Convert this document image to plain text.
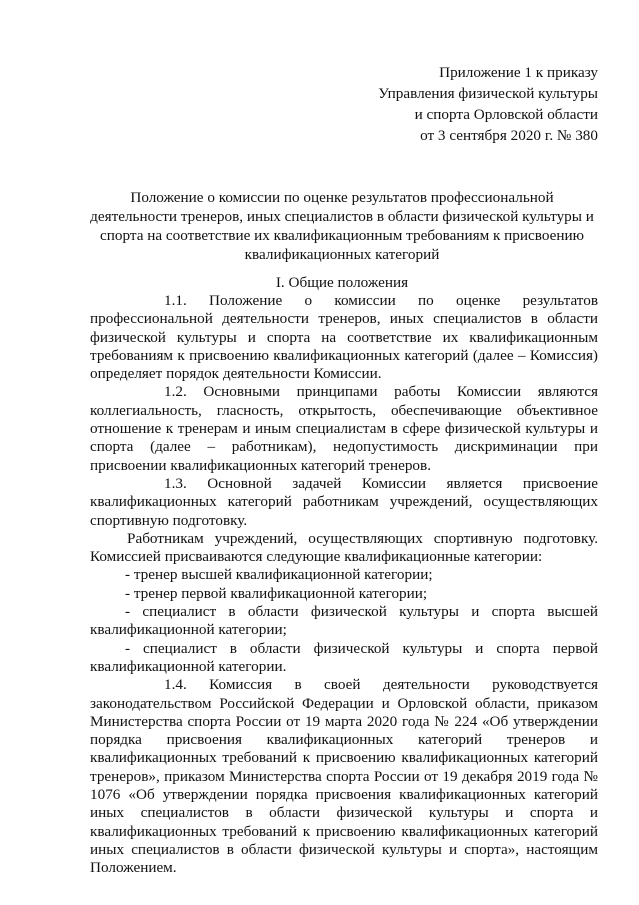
Приложение 1 к приказу
Управления физической культуры
и спорта Орловской области
от 3 сентября 2020 г. № 380
Положение о комиссии по оценке результатов профессиональной деятельности тренеров, иных специалистов в области физической культуры и спорта на соответствие их квалификационным требованиям к присвоению квалификационных категорий
I. Общие положения

1.1. Положение о комиссии по оценке результатов профессиональной деятельности тренеров, иных специалистов в области физической культуры и спорта на соответствие их квалификационным требованиям к присвоению квалификационных категорий (далее – Комиссия) определяет порядок деятельности Комиссии.

1.2. Основными принципами работы Комиссии являются коллегиальность, гласность, открытость, обеспечивающие объективное отношение к тренерам и иным специалистам в сфере физической культуры и спорта (далее – работникам), недопустимость дискриминации при присвоении квалификационных категорий тренеров.

1.3. Основной задачей Комиссии является присвоение квалификационных категорий работникам учреждений, осуществляющих спортивную подготовку.

Работникам учреждений, осуществляющих спортивную подготовку. Комиссией присваиваются следующие квалификационные категории:

- тренер высшей квалификационной категории;

- тренер первой квалификационной категории;

- специалист в области физической культуры и спорта высшей квалификационной категории;

- специалист в области физической культуры и спорта первой квалификационной категории.

1.4. Комиссия в своей деятельности руководствуется законодательством Российской Федерации и Орловской области, приказом Министерства спорта России от 19 марта 2020 года № 224 «Об утверждении порядка присвоения квалификационных категорий тренеров и квалификационных требований к присвоению квалификационных категорий тренеров», приказом Министерства спорта России от 19 декабря 2019 года № 1076 «Об утверждении порядка присвоения квалификационных категорий иных специалистов в области физической культуры и спорта и квалификационных требований к присвоению квалификационных категорий иных специалистов в области физической культуры и спорта», настоящим Положением.
